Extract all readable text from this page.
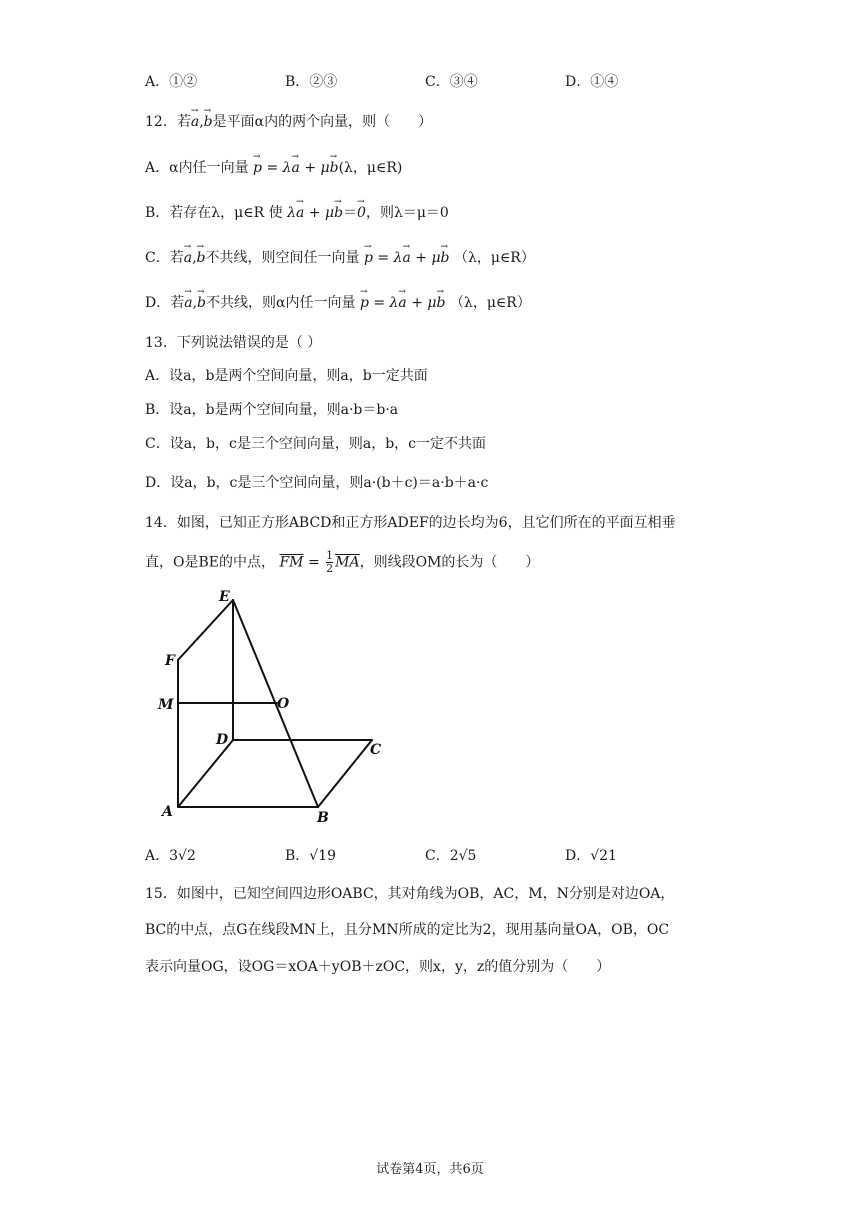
A．①②	B．②③	C．③④	D．①④
12．若→ a,→ b是平面α内的两个向量，则（　　）
A．α内任一向量 → p = λ→ a + μ→ b(λ，μ∈R)
B．若存在λ，μ∈R 使 λ→ a + μ→ b＝→ 0，则λ＝μ＝0
C．若→ a,→ b不共线，则空间任一向量 → p = λ→ a + μ→ b （λ，μ∈R）
D．若→ a,→ b不共线，则α内任一向量 → p = λ→ a + μ→ b （λ，μ∈R）
13．下列说法错误的是（ ）
A．设a，b是两个空间向量，则a，b一定共面
B．设a，b是两个空间向量，则a·b＝b·a
C．设a，b，c是三个空间向量，则a，b，c一定不共面
D．设a，b，c是三个空间向量，则a·(b＋c)＝a·b＋a·c
14．如图，已知正方形ABCD和正方形ADEF的边长均为6，且它们所在的平面互相垂
直，O是BE的中点， $\overline{FM} = \frac{1}{2} \overline{MA}$，则线段OM的长为（　　）
E
F
M	O
D
C
A	B
A．3√2	B．√19	C．2√5	D．√21
15．如图中，已知空间四边形OABC，其对角线为OB，AC，M，N分别是对边OA，
BC的中点，点G在线段MN上，且分MN所成的定比为2，现用基向量OA，OB，OC
表示向量OG，设OG＝xOA＋yOB＋zOC，则x，y，z的值分别为（　　）
试卷第4页，共6页
